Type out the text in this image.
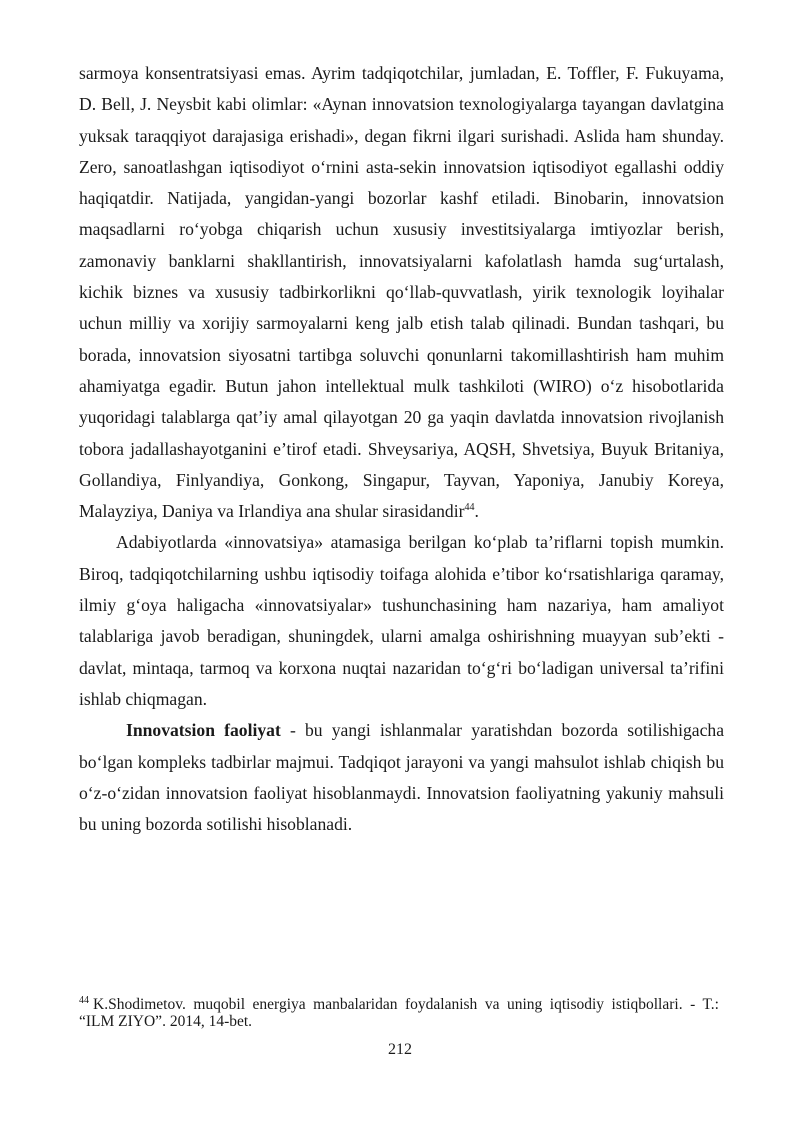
sarmoya konsentratsiyasi emas. Ayrim tadqiqotchilar, jumladan, E. Toffler, F. Fukuyama, D. Bell, J. Neysbit kabi olimlar: «Aynan innovatsion texnologiyalarga tayangan davlatgina yuksak taraqqiyot darajasiga erishadi», degan fikrni ilgari surishadi. Aslida ham shunday. Zero, sanoatlashgan iqtisodiyot o‘rnini asta-sekin innovatsion iqtisodiyot egallashi oddiy haqiqatdir. Natijada, yangidan-yangi bozorlar kashf etiladi. Binobarin, innovatsion maqsadlarni ro‘yobga chiqarish uchun xususiy investitsiyalarga imtiyozlar berish, zamonaviy banklarni shakllantirish, innovatsiyalarni kafolatlash hamda sug‘urtalash, kichik biznes va xususiy tadbirkorlikni qo‘llab-quvvatlash, yirik texnologik loyihalar uchun milliy va xorijiy sarmoyalarni keng jalb etish talab qilinadi. Bundan tashqari, bu borada, innovatsion siyosatni tartibga soluvchi qonunlarni takomillashtirish ham muhim ahamiyatga egadir. Butun jahon intellektual mulk tashkiloti (WIRO) o‘z hisobotlarida yuqoridagi talablarga qat’iy amal qilayotgan 20 ga yaqin davlatda innovatsion rivojlanish tobora jadallashayotganini e’tirof etadi. Shveysariya, AQSH, Shvetsiya, Buyuk Britaniya, Gollandiya, Finlyandiya, Gonkong, Singapur, Tayvan, Yaponiya, Janubiy Koreya, Malayziya, Daniya va Irlandiya ana shular sirasidandir$^{44}$.

Adabiyotlarda «innovatsiya» atamasiga berilgan ko‘plab ta’riflarni topish mumkin. Biroq, tadqiqotchilarning ushbu iqtisodiy toifaga alohida e’tibor ko‘rsatishlariga qaramay, ilmiy g‘oya haligacha «innovatsiyalar» tushunchasining ham nazariya, ham amaliyot talablariga javob beradigan, shuningdek, ularni amalga oshirishning muayyan sub’ekti - davlat, mintaqa, tarmoq va korxona nuqtai nazaridan to‘g‘ri bo‘ladigan universal ta’rifini ishlab chiqmagan.

Innovatsion faoliyat - bu yangi ishlanmalar yaratishdan bozorda sotilishigacha bo‘lgan kompleks tadbirlar majmui. Tadqiqot jarayoni va yangi mahsulot ishlab chiqish bu o‘z-o‘zidan innovatsion faoliyat hisoblanmaydi. Innovatsion faoliyatning yakuniy mahsuli bu uning bozorda sotilishi hisoblanadi.

$^{44}$ K.Shodimetov. muqobil energiya manbalaridan foydalanish va uning iqtisodiy istiqbollari. - T.: “ILM ZIYO”. 2014, 14-bet.
212
